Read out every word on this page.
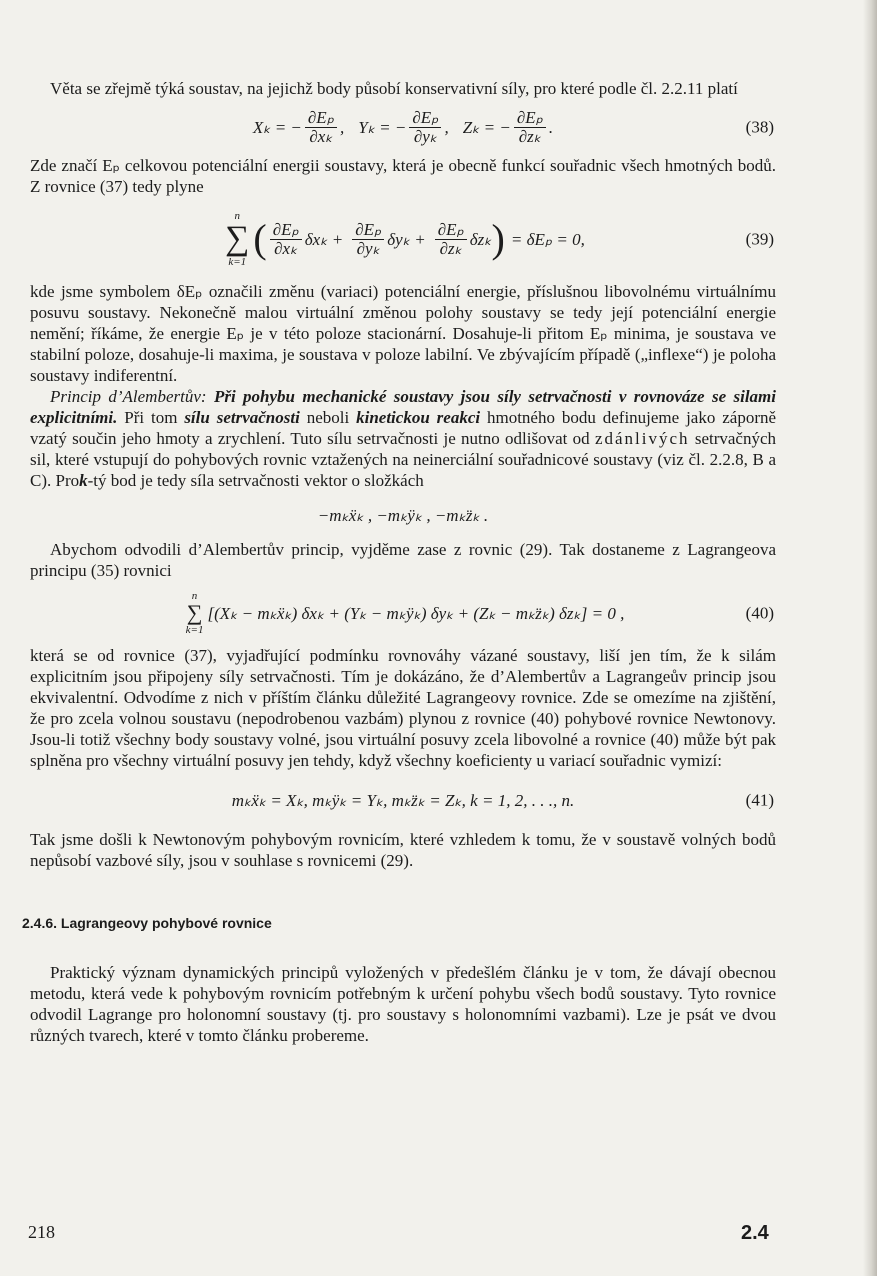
Věta se zřejmě týká soustav, na jejichž body působí konservativní síly, pro které podle čl. 2.2.11 platí

Xₖ = − $\frac{\text{∂Eₚ}}{\text{∂xₖ}}$ , Yₖ = − $\frac{\text{∂Eₚ}}{\text{∂yₖ}}$ , Zₖ = − $\frac{\text{∂Eₚ}}{\text{∂zₖ}}$ .	(38)

Zde značí Eₚ celkovou potenciální energii soustavy, která je obecně funkcí souřadnic všech hmotných bodů. Z rovnice (37) tedy plyne

n
∑
k=1
( $\frac{\text{∂Eₚ}}{\text{∂xₖ}}$ $\delta x_k + \frac{\text{∂Eₚ}}{\text{∂yₖ}}$ $\delta y_k + \frac{\text{∂Eₚ}}{\text{∂zₖ}}$ δzₖ ) = δEₚ = 0,	(39)

kde jsme symbolem δEₚ označili změnu (variaci) potenciální energie, příslušnou libovolnému virtuálnímu posuvu soustavy. Nekonečně malou virtuální změnou polohy soustavy se tedy její potenciální energie nemění; říkáme, že energie Eₚ je v této poloze stacionární. Dosahuje-li přitom Eₚ minima, je soustava ve stabilní poloze, dosahuje-li maxima, je soustava v poloze labilní. Ve zbývajícím případě („inflexe“) je poloha soustavy indiferentní.

Princip d’Alembertův: Při pohybu mechanické soustavy jsou síly setrvačnosti v rovnováze se silami explicitními. Při tom sílu setrvačnosti neboli kinetickou reakci hmotného bodu definujeme jako záporně vzatý součin jeho hmoty a zrychlení. Tuto sílu setrvačnosti je nutno odlišovat od zdánlivých setrvačných sil, které vstupují do pohybových rovnic vztažených na neinerciální souřadnicové soustavy (viz čl. 2.2.8, B a C). Prok-tý bod je tedy síla setrvačnosti vektor o složkách

−mₖẍₖ , −mₖÿₖ , −mₖz̈ₖ .

Abychom odvodili d’Alembertův princip, vyjděme zase z rovnic (29). Tak dostaneme z Lagrangeova principu (35) rovnici

n
∑
k=1
[(Xₖ − mₖẍₖ) δxₖ + (Yₖ − mₖÿₖ) δyₖ + (Zₖ − mₖz̈ₖ) δzₖ] = 0 ,	(40)

která se od rovnice (37), vyjadřující podmínku rovnováhy vázané soustavy, liší jen tím, že k silám explicitním jsou připojeny síly setrvačnosti. Tím je dokázáno, že d’Alembertův a Lagrangeův princip jsou ekvivalentní. Odvodíme z nich v příštím článku důležité Lagrangeovy rovnice. Zde se omezíme na zjištění, že pro zcela volnou soustavu (nepodrobenou vazbám) plynou z rovnice (40) pohybové rovnice Newtonovy. Jsou-li totiž všechny body soustavy volné, jsou virtuální posuvy zcela libovolné a rovnice (40) může být pak splněna pro všechny virtuální posuvy jen tehdy, když všechny koeficienty u variací souřadnic vymizí:

mₖẍₖ = Xₖ, mₖÿₖ = Yₖ, mₖz̈ₖ = Zₖ, k = 1, 2, . . ., n.	(41)

Tak jsme došli k Newtonovým pohybovým rovnicím, které vzhledem k tomu, že v soustavě volných bodů nepůsobí vazbové síly, jsou v souhlase s rovnicemi (29).

2.4.6. Lagrangeovy pohybové rovnice

Praktický význam dynamických principů vyložených v předešlém článku je v tom, že dávají obecnou metodu, která vede k pohybovým rovnicím potřebným k určení pohybu všech bodů soustavy. Tyto rovnice odvodil Lagrange pro holonomní soustavy (tj. pro soustavy s holonomními vazbami). Lze je psát ve dvou různých tvarech, které v tomto článku probereme.

218	2.4
